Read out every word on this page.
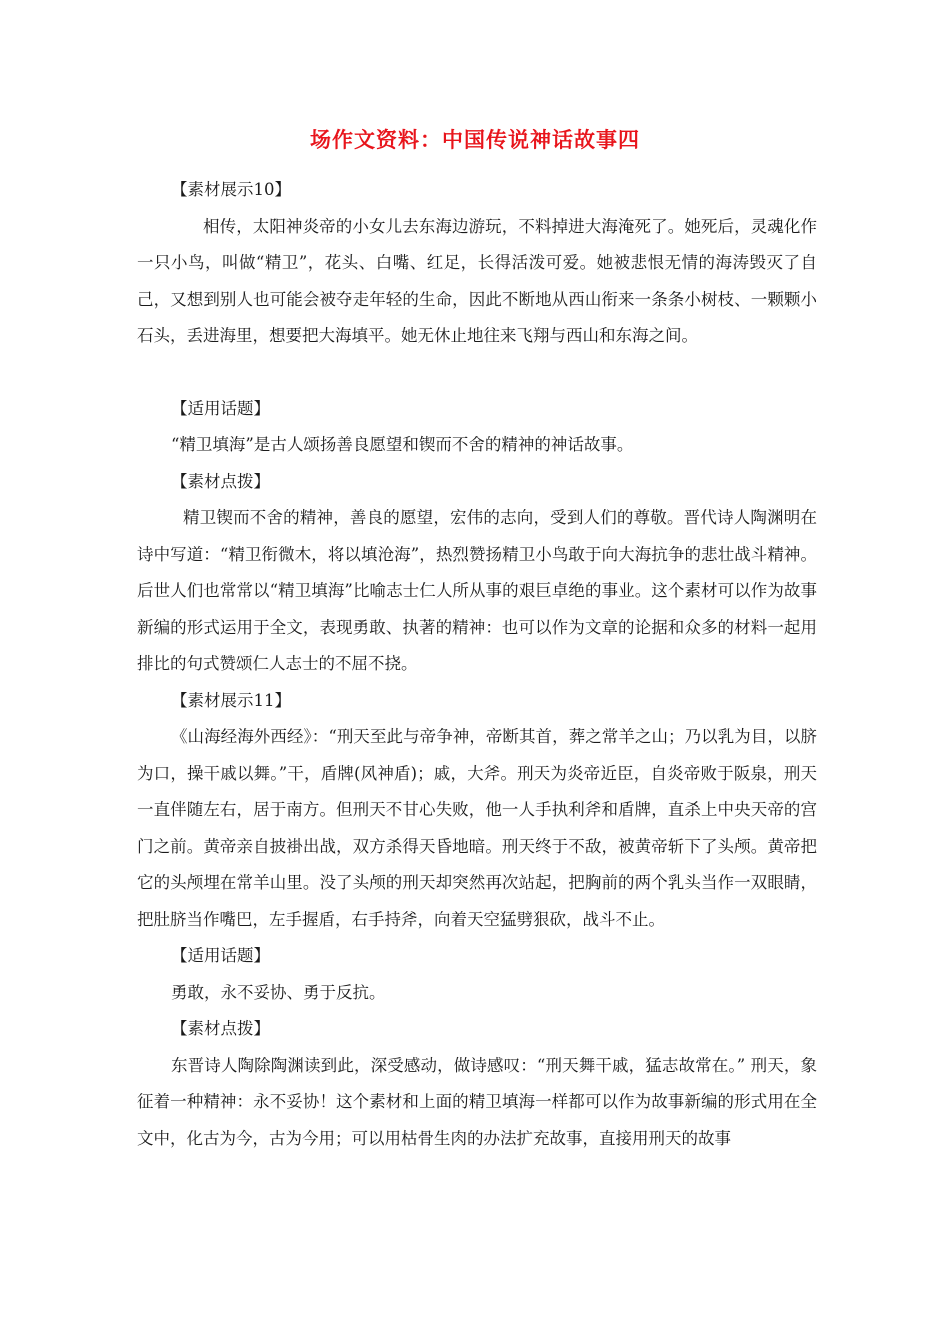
场作文资料：中国传说神话故事四

【素材展示10】

相传，太阳神炎帝的小女儿去东海边游玩，不料掉进大海淹死了。她死后，灵魂化作一只小鸟，叫做“精卫”，花头、白嘴、红足，长得活泼可爱。她被悲恨无情的海涛毁灭了自己，又想到别人也可能会被夺走年轻的生命，因此不断地从西山衔来一条条小树枝、一颗颗小石头，丢进海里，想要把大海填平。她无休止地往来飞翔与西山和东海之间。

【适用话题】

“精卫填海”是古人颂扬善良愿望和锲而不舍的精神的神话故事。

【素材点拨】

精卫锲而不舍的精神，善良的愿望，宏伟的志向，受到人们的尊敬。晋代诗人陶渊明在诗中写道：“精卫衔微木，将以填沧海”，热烈赞扬精卫小鸟敢于向大海抗争的悲壮战斗精神。后世人们也常常以“精卫填海”比喻志士仁人所从事的艰巨卓绝的事业。这个素材可以作为故事新编的形式运用于全文，表现勇敢、执著的精神：也可以作为文章的论据和众多的材料一起用排比的句式赞颂仁人志士的不屈不挠。

【素材展示11】

《山海经海外西经》：“刑天至此与帝争神，帝断其首，葬之常羊之山；乃以乳为目，以脐为口，操干戚以舞。”干，盾牌(风神盾)；戚，大斧。刑天为炎帝近臣，自炎帝败于阪泉，刑天一直伴随左右，居于南方。但刑天不甘心失败，他一人手执利斧和盾牌，直杀上中央天帝的宫门之前。黄帝亲自披褂出战，双方杀得天昏地暗。刑天终于不敌，被黄帝斩下了头颅。黄帝把它的头颅埋在常羊山里。没了头颅的刑天却突然再次站起，把胸前的两个乳头当作一双眼睛，把肚脐当作嘴巴，左手握盾，右手持斧，向着天空猛劈狠砍，战斗不止。

【适用话题】

勇敢，永不妥协、勇于反抗。

【素材点拨】

东晋诗人陶除陶渊读到此，深受感动，做诗感叹：“刑天舞干戚，猛志故常在。” 刑天，象征着一种精神：永不妥协！这个素材和上面的精卫填海一样都可以作为故事新编的形式用在全文中，化古为今，古为今用；可以用枯骨生肉的办法扩充故事，直接用刑天的故事
